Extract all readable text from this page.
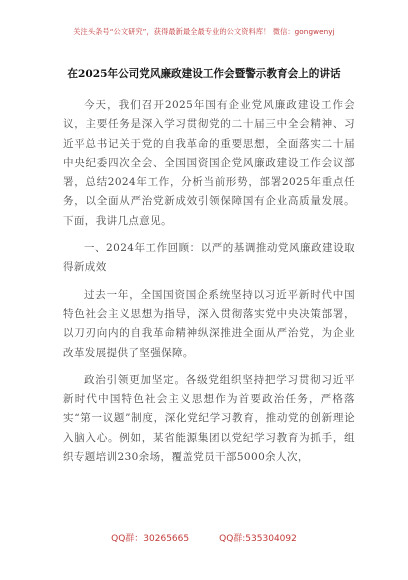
关注头条号“公文研究”，获得最新最全最专业的公文资料库！ 微信：gongwenyj
在2025年公司党风廉政建设工作会暨警示教育会上的讲话

今天，我们召开2025年国有企业党风廉政建设工作会议，主要任务是深入学习贯彻党的二十届三中全会精神、习近平总书记关于党的自我革命的重要思想，全面落实二十届中央纪委四次全会、全国国资国企党风廉政建设工作会议部署，总结2024年工作，分析当前形势，部署2025年重点任务，以全面从严治党新成效引领保障国有企业高质量发展。下面，我讲几点意见。

一、2024年工作回顾：以严的基调推动党风廉政建设取得新成效

过去一年，全国国资国企系统坚持以习近平新时代中国特色社会主义思想为指导，深入贯彻落实党中央决策部署，以刀刃向内的自我革命精神纵深推进全面从严治党，为企业改革发展提供了坚强保障。

政治引领更加坚定。各级党组织坚持把学习贯彻习近平新时代中国特色社会主义思想作为首要政治任务，严格落实“第一议题”制度，深化党纪学习教育，推动党的创新理论入脑入心。例如，某省能源集团以党纪学习教育为抓手，组织专题培训230余场，覆盖党员干部5000余人次，

QQ群：30265665	QQ群:535304092
